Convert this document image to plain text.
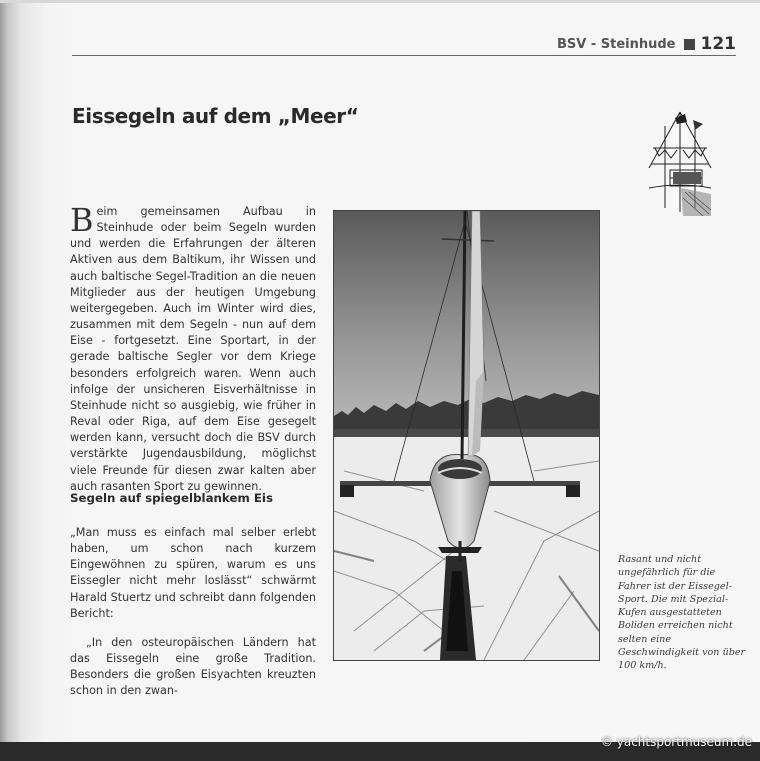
BSV - Steinhude 121
Eissegeln auf dem „Meer“
Beim gemeinsamen Aufbau in Steinhude oder beim Segeln wurden und werden die Erfahrungen der älteren Aktiven aus dem Baltikum, ihr Wissen und auch baltische Segel-Tradition an die neuen Mitglieder aus der heutigen Umgebung weitergegeben. Auch im Winter wird dies, zusammen mit dem Segeln - nun auf dem Eise - fortgesetzt. Eine Sportart, in der gerade baltische Segler vor dem Kriege besonders erfolgreich waren. Wenn auch infolge der unsicheren Eisverhältnisse in Steinhude nicht so ausgiebig, wie früher in Reval oder Riga, auf dem Eise gesegelt werden kann, versucht doch die BSV durch verstärkte Jugendausbildung, möglichst viele Freunde für diesen zwar kalten aber auch rasanten Sport zu gewinnen.
Segeln auf spiegelblankem Eis

„Man muss es einfach mal selber erlebt haben, um schon nach kurzem Eingewöhnen zu spüren, warum es uns Eissegler nicht mehr loslässt“ schwärmt Harald Stuertz und schreibt dann folgenden Bericht:

„In den osteuropäischen Ländern hat das Eissegeln eine große Tradition. Besonders die großen Eisyachten kreuzten schon in den zwan-

Rasant und nicht ungefährlich für die Fahrer ist der Eissegel-Sport. Die mit Spezial-Kufen ausgestatteten Boliden erreichen nicht selten eine Geschwindigkeit von über 100 km/h.

© yachtsportmuseum.de
